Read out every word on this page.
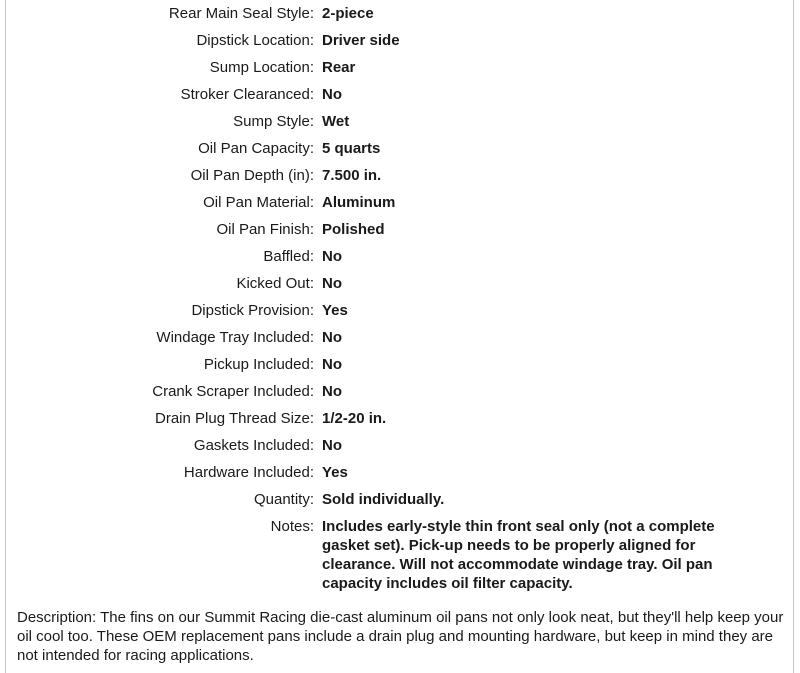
Rear Main Seal Style: 2-piece
Dipstick Location: Driver side
Sump Location: Rear
Stroker Clearanced: No
Sump Style: Wet
Oil Pan Capacity: 5 quarts
Oil Pan Depth (in): 7.500 in.
Oil Pan Material: Aluminum
Oil Pan Finish: Polished
Baffled: No
Kicked Out: No
Dipstick Provision: Yes
Windage Tray Included: No
Pickup Included: No
Crank Scraper Included: No
Drain Plug Thread Size: 1/2-20 in.
Gaskets Included: No
Hardware Included: Yes
Quantity: Sold individually.
Notes: Includes early-style thin front seal only (not a complete gasket set). Pick-up needs to be properly aligned for clearance. Will not accommodate windage tray. Oil pan capacity includes oil filter capacity.
Description: The fins on our Summit Racing die-cast aluminum oil pans not only look neat, but they'll help keep your oil cool too. These OEM replacement pans include a drain plug and mounting hardware, but keep in mind they are not intended for racing applications.
